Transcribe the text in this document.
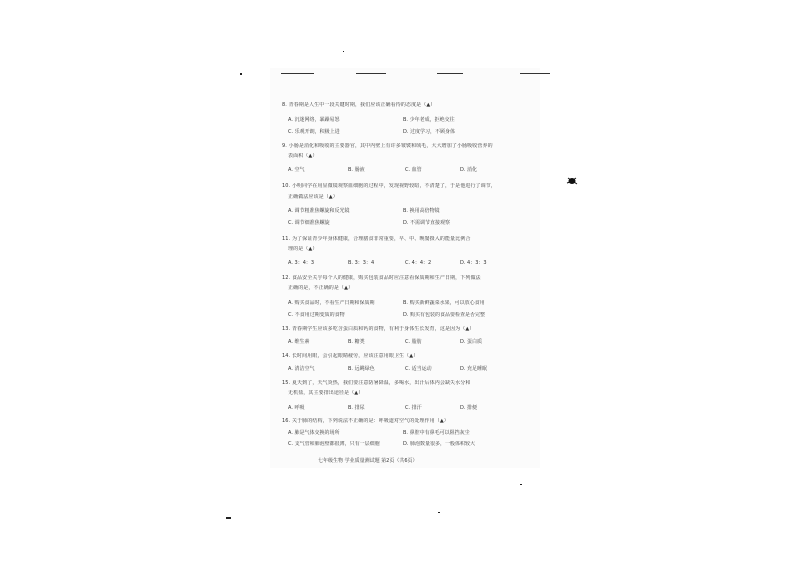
8. 青春期是人生中一段关键时期，我们应该正确看待的态度是（▲）
A. 沉迷网络，暴躁易怒	B. 少年老成，拒绝交往
C. 乐观开朗，积极上进	D. 过度学习，不顾身体
9. 小肠是消化和吸收的主要器官，其中内壁上有许多皱襞和绒毛，大大增加了小肠吸收营养的
表面积（▲）
A. 空气	B. 肠液	C. 血管	D. 消化
10. 小明同学在用显微镜观察血细胞的过程中，发现视野较暗，不清楚了，于是他进行了调节，
正确做法应该是（▲）
A. 调节粗准焦螺旋和反光镜	B. 换用高倍物镜
C. 调节细准焦螺旋	D. 不需调节直接观察
11. 为了保证青少年身体健康，合理膳食非常重要，早、中、晚餐摄入的能量比例合
理的是（▲）
A. 3：4：3	B. 3：3：4	C. 4：4：2	D. 4：3：3
12. 食品安全关乎每个人的健康，购买包装食品时应注意看保质期和生产日期，下列做法
正确的是，不正确的是（▲）
A. 购买食品时，不看生产日期和保质期	B. 购买新鲜蔬菜水果，可以放心食用
C. 不食用过期变质的食物	D. 购买有包装的食品要检查是否完整
13. 青春期学生应该多吃含蛋白质和钙的食物，有利于身体生长发育，这是因为（▲）
A. 维生素	B. 糖类	C. 脂肪	D. 蛋白质
14. 长时间用眼，会引起眼睛疲劳，应该注意用眼卫生（▲）
A. 清洁空气	B. 远眺绿色	C. 适当运动	D. 充足睡眠
15. 夏天到了，天气炎热，我们要注意防暑降温，多喝水，出汗后体内会缺失水分和
无机盐，其主要排出途径是（▲）
A. 呼吸	B. 排尿	C. 排汗	D. 排便
16. 关于肺的结构，下列说法不正确的是：呼吸道对空气的处理作用（▲）
A. 肺是气体交换的场所	B. 鼻腔中有鼻毛可以阻挡灰尘
C. 支气管和肺泡壁都很薄，只有一层细胞	D. 肺泡数量很多，一般体积较大
七年级生物 学业质量测试题 第2页（共6页）
